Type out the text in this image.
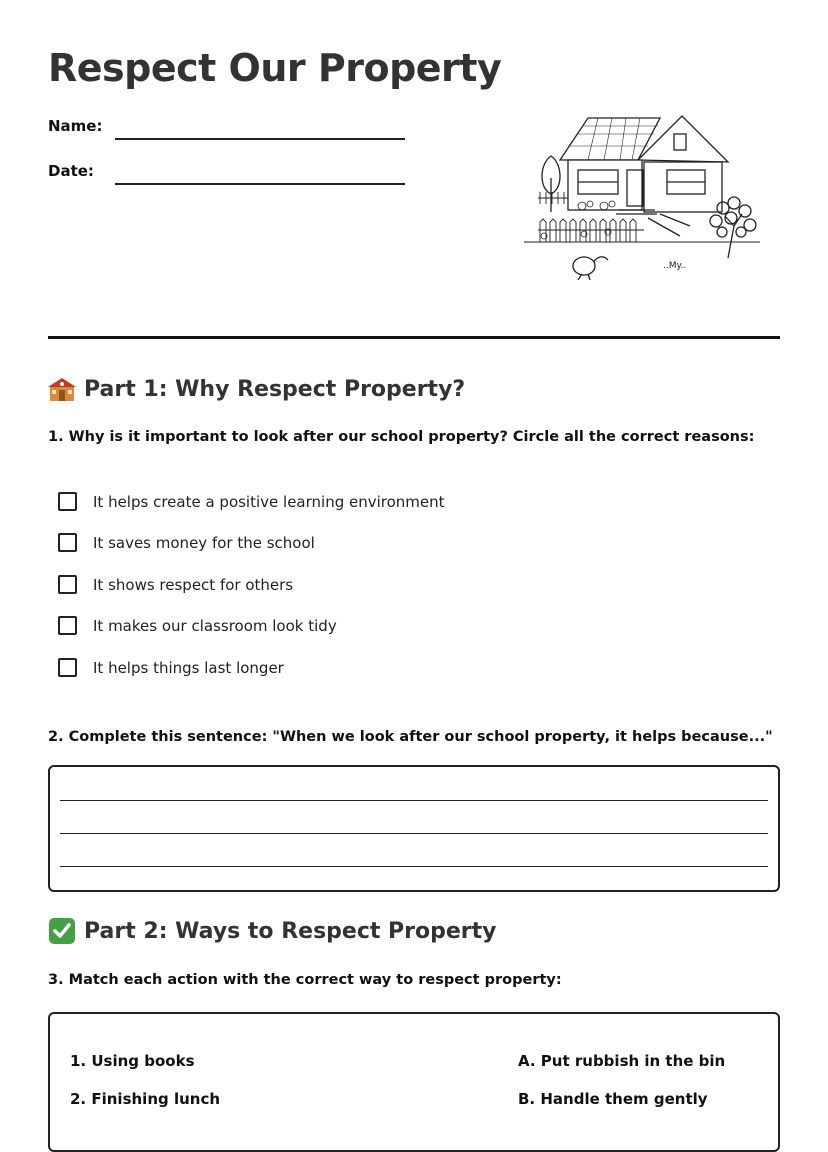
Respect Our Property
Name:
Date:
..My..
Part 1: Why Respect Property?

1. Why is it important to look after our school property? Circle all the correct reasons:

It helps create a positive learning environment
It saves money for the school
It shows respect for others
It makes our classroom look tidy
It helps things last longer

2. Complete this sentence: "When we look after our school property, it helps because..."

Part 2: Ways to Respect Property

3. Match each action with the correct way to respect property:

1. Using books
2. Finishing lunch
A. Put rubbish in the bin
B. Handle them gently
